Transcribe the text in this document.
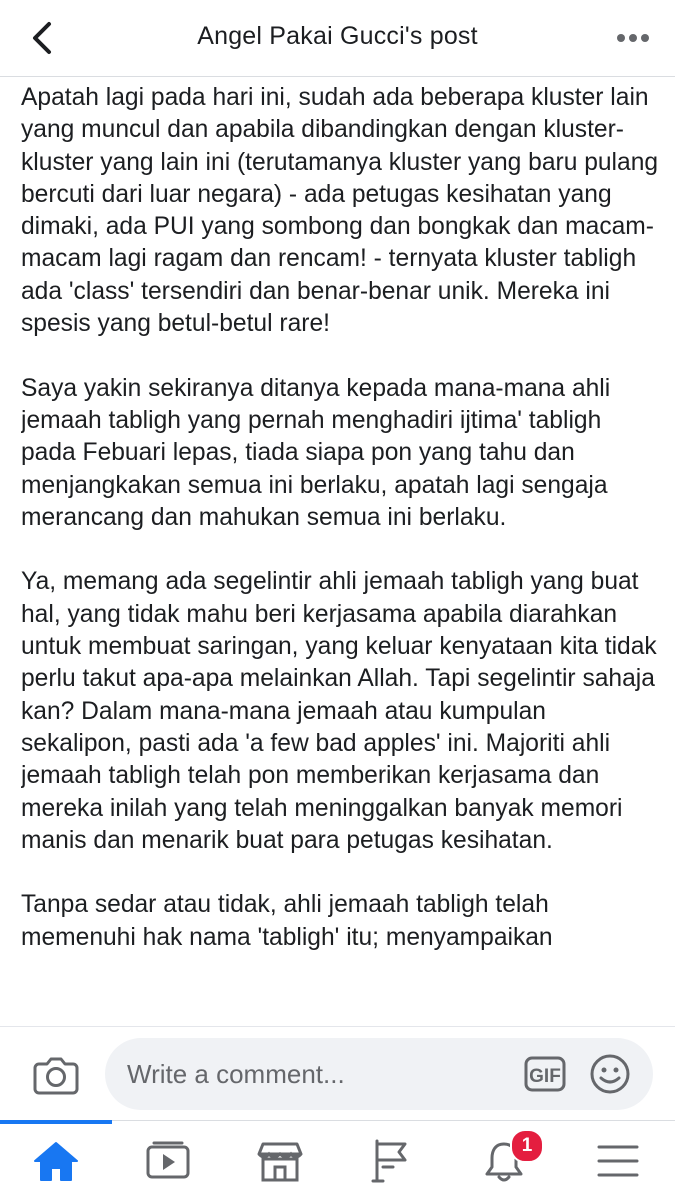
Angel Pakai Gucci's post

Apatah lagi pada hari ini, sudah ada beberapa kluster lain yang muncul dan apabila dibandingkan dengan kluster-kluster yang lain ini (terutamanya kluster yang baru pulang bercuti dari luar negara) - ada petugas kesihatan yang dimaki, ada PUI yang sombong dan bongkak dan macam-macam lagi ragam dan rencam! - ternyata kluster tabligh ada 'class' tersendiri dan benar-benar unik. Mereka ini spesis yang betul-betul rare!

Saya yakin sekiranya ditanya kepada mana-mana ahli jemaah tabligh yang pernah menghadiri ijtima' tabligh pada Febuari lepas, tiada siapa pon yang tahu dan menjangkakan semua ini berlaku, apatah lagi sengaja merancang dan mahukan semua ini berlaku.

Ya, memang ada segelintir ahli jemaah tabligh yang buat hal, yang tidak mahu beri kerjasama apabila diarahkan untuk membuat saringan, yang keluar kenyataan kita tidak perlu takut apa-apa melainkan Allah. Tapi segelintir sahaja kan? Dalam mana-mana jemaah atau kumpulan sekalipon, pasti ada 'a few bad apples' ini. Majoriti ahli jemaah tabligh telah pon memberikan kerjasama dan mereka inilah yang telah meninggalkan banyak memori manis dan menarik buat para petugas kesihatan.

Tanpa sedar atau tidak, ahli jemaah tabligh telah memenuhi hak nama 'tabligh' itu; menyampaikan

Write a comment...
GIF
1
